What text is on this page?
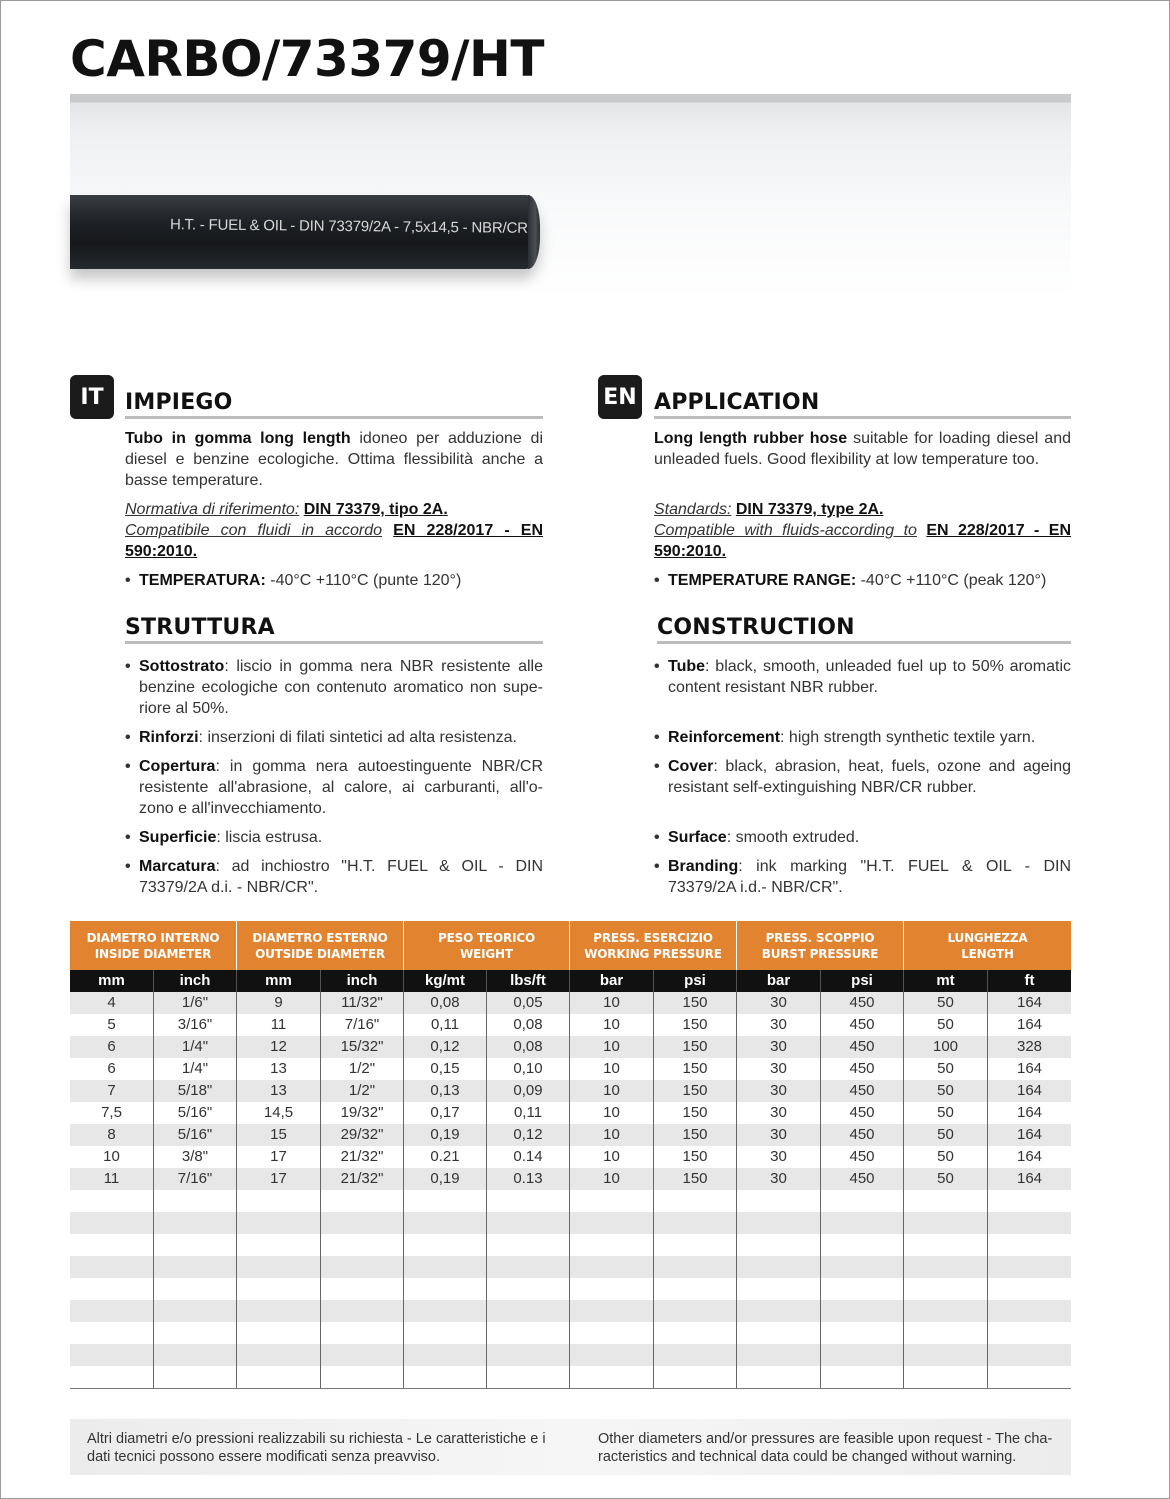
CARBO/73379/HT
H.T. - FUEL & OIL - DIN 73379/2A - 7,5x14,5 - NBR/CR
IT IMPIEGO

Tubo in gomma long length idoneo per adduzione di diesel e benzine ecologiche. Ottima flessibilità anche a basse temperature.

Normativa di riferimento: DIN 73379, tipo 2A.

Compatibile con fluidi in accordo EN 228/2017 - EN 590:2010.

• TEMPERATURA: -40°C +110°C (punte 120°)

STRUTTURA

• Sottostrato: liscio in gomma nera NBR resistente alle benzine ecologiche con contenuto aromatico non supe-riore al 50%.

• Rinforzi: inserzioni di filati sintetici ad alta resistenza.

• Copertura: in gomma nera autoestinguente NBR/CR resistente all'abrasione, al calore, ai carburanti, all'o-zono e all'invecchiamento.

• Superficie: liscia estrusa.

• Marcatura: ad inchiostro "H.T. FUEL & OIL - DIN 73379/2A d.i. - NBR/CR".

EN APPLICATION

Long length rubber hose suitable for loading diesel and unleaded fuels. Good flexibility at low temperature too.

Standards: DIN 73379, type 2A.

Compatible with fluids-according to EN 228/2017 - EN 590:2010.

• TEMPERATURE RANGE: -40°C +110°C (peak 120°)

CONSTRUCTION

• Tube: black, smooth, unleaded fuel up to 50% aromatic content resistant NBR rubber.

• Reinforcement: high strength synthetic textile yarn.

• Cover: black, abrasion, heat, fuels, ozone and ageing resistant self-extinguishing NBR/CR rubber.

• Surface: smooth extruded.

• Branding: ink marking "H.T. FUEL & OIL - DIN 73379/2A i.d.- NBR/CR".

DIAMETRO INTERNO
INSIDE DIAMETER
DIAMETRO ESTERNO
OUTSIDE DIAMETER
PESO TEORICO
WEIGHT
PRESS. ESERCIZIO
WORKING PRESSURE
PRESS. SCOPPIO
BURST PRESSURE
LUNGHEZZA
LENGTH
mm	inch	mm	inch	kg/mt	lbs/ft	bar	psi	bar	psi	mt	ft
4	1/6"	9	11/32"	0,08	0,05	10	150	30	450	50	164
5	3/16"	11	7/16"	0,11	0,08	10	150	30	450	50	164
6	1/4"	12	15/32"	0,12	0,08	10	150	30	450	100	328
6	1/4"	13	1/2"	0,15	0,10	10	150	30	450	50	164
7	5/18"	13	1/2"	0,13	0,09	10	150	30	450	50	164
7,5	5/16"	14,5	19/32"	0,17	0,11	10	150	30	450	50	164
8	5/16"	15	29/32"	0,19	0,12	10	150	30	450	50	164
10	3/8"	17	21/32"	0.21	0.14	10	150	30	450	50	164
11	7/16"	17	21/32"	0,19	0.13	10	150	30	450	50	164
Altri diametri e/o pressioni realizzabili su richiesta - Le caratteristiche e i dati tecnici possono essere modificati senza preavviso.
Other diameters and/or pressures are feasible upon request - The cha-racteristics and technical data could be changed without warning.
